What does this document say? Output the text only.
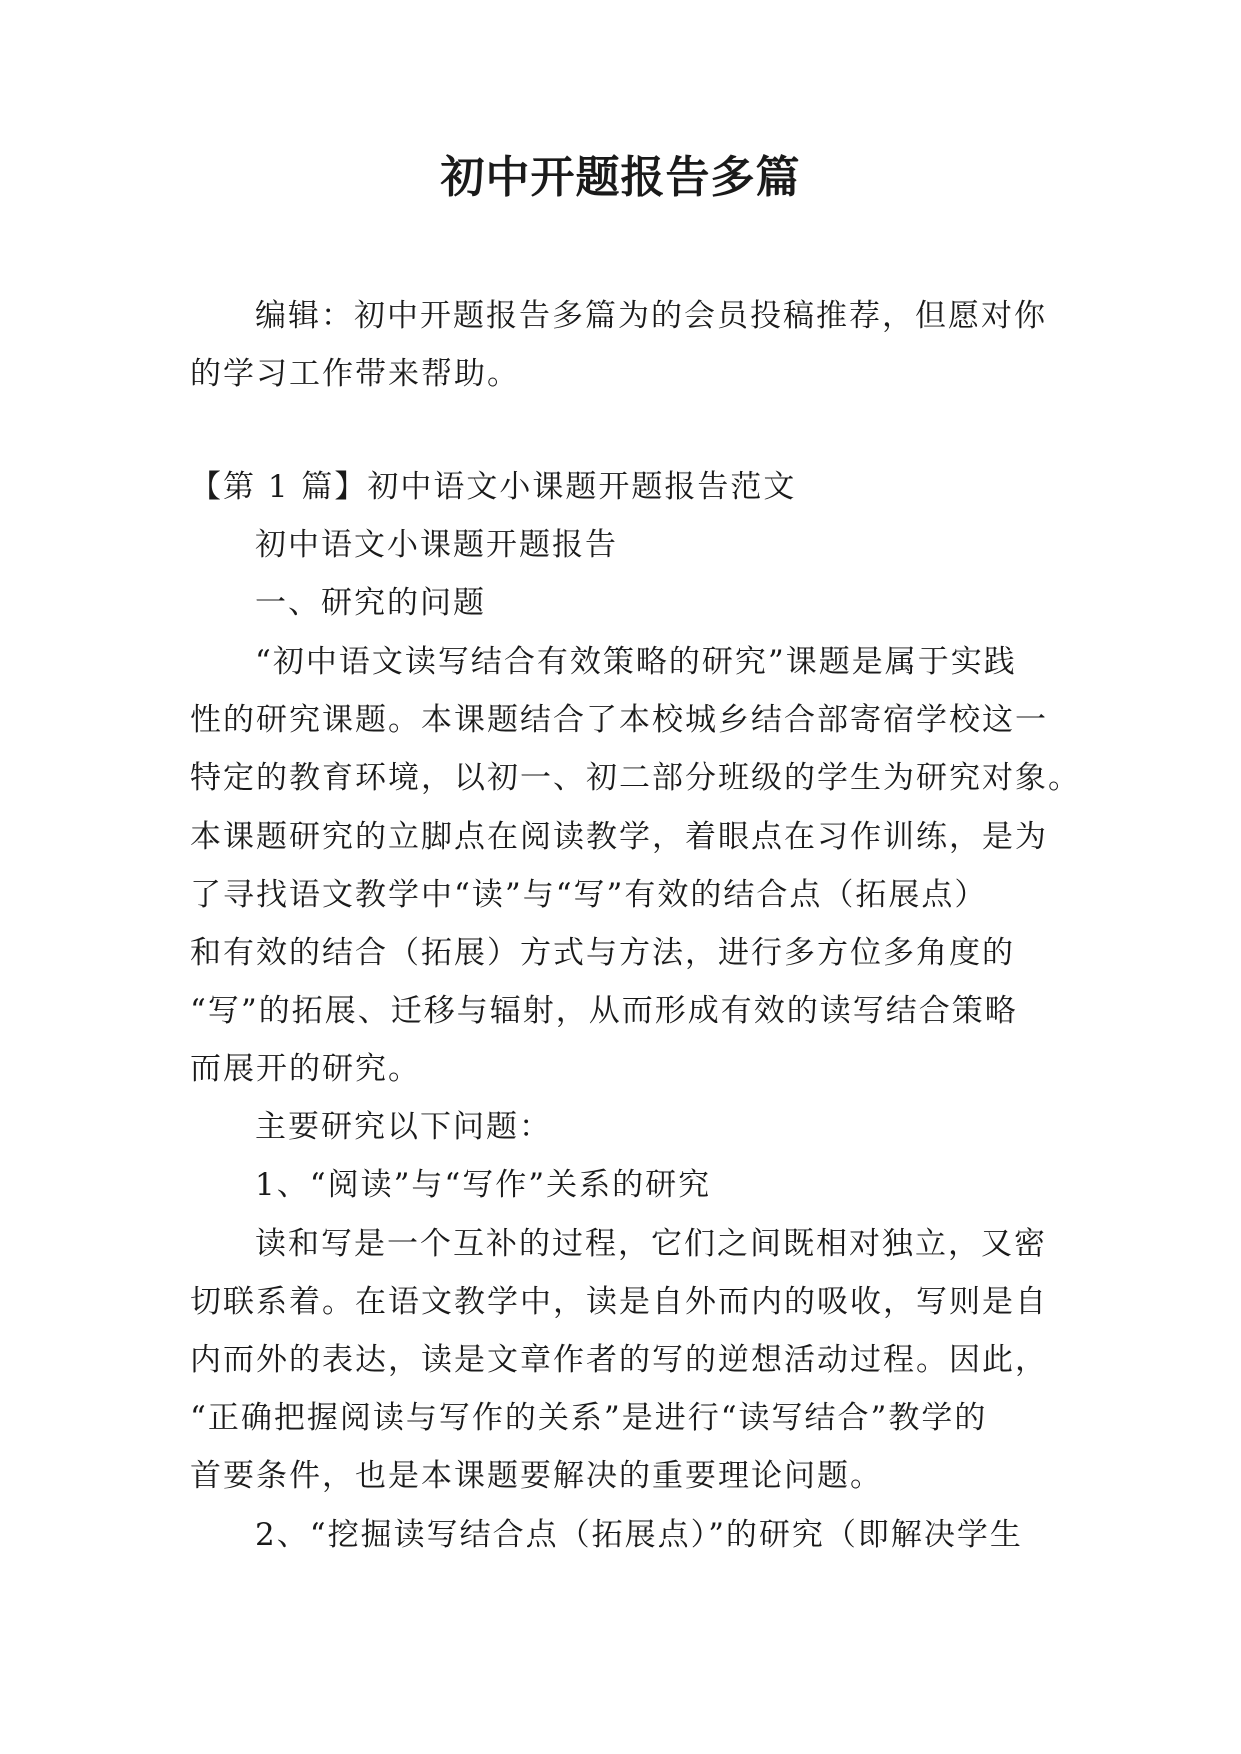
初中开题报告多篇
编辑：初中开题报告多篇为的会员投稿推荐，但愿对你
的学习工作带来帮助。
【第 1 篇】初中语文小课题开题报告范文
初中语文小课题开题报告
一、研究的问题
“初中语文读写结合有效策略的研究”课题是属于实践
性的研究课题。本课题结合了本校城乡结合部寄宿学校这一
特定的教育环境，以初一、初二部分班级的学生为研究对象。
本课题研究的立脚点在阅读教学，着眼点在习作训练，是为
了寻找语文教学中“读”与“写”有效的结合点（拓展点）
和有效的结合（拓展）方式与方法，进行多方位多角度的
“写”的拓展、迁移与辐射，从而形成有效的读写结合策略
而展开的研究。
主要研究以下问题：
1、“阅读”与“写作”关系的研究
读和写是一个互补的过程，它们之间既相对独立，又密
切联系着。在语文教学中，读是自外而内的吸收，写则是自
内而外的表达，读是文章作者的写的逆想活动过程。因此，
“正确把握阅读与写作的关系”是进行“读写结合”教学的
首要条件，也是本课题要解决的重要理论问题。
2、“挖掘读写结合点（拓展点）”的研究（即解决学生
